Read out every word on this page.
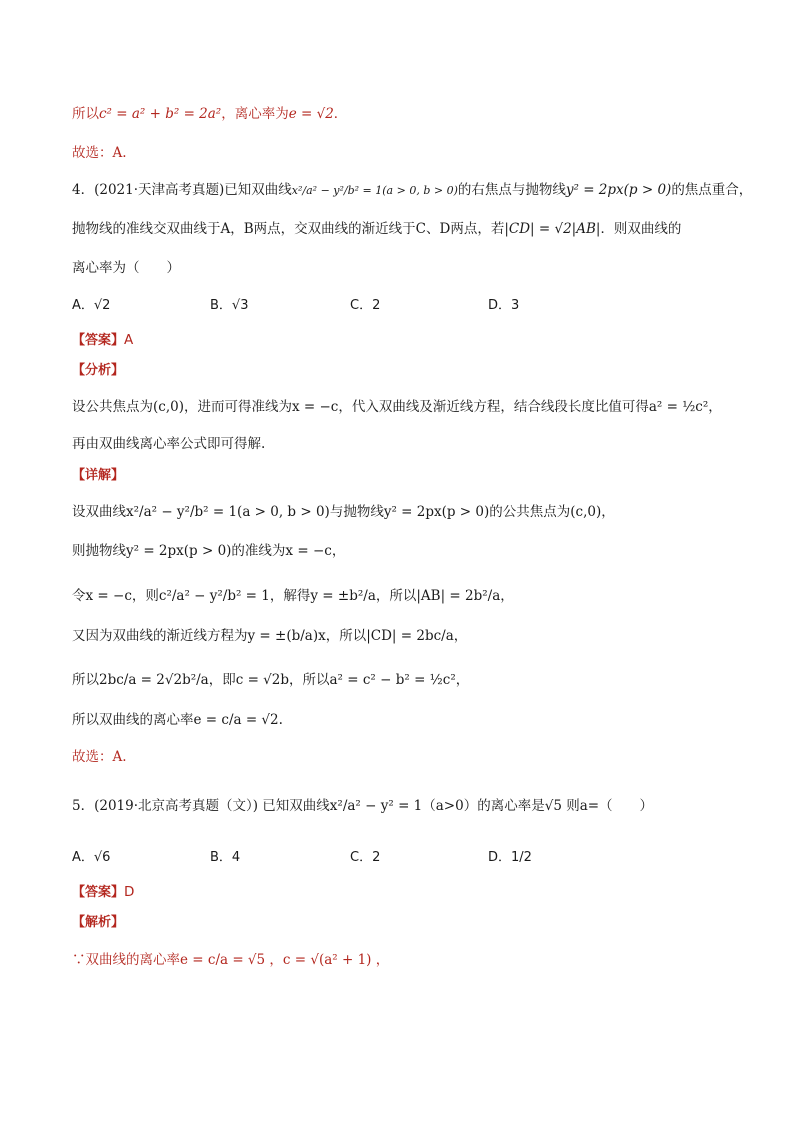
所以c² = a² + b² = 2a²，离心率为e = √2．
故选：A.
4．(2021·天津高考真题)已知双曲线x²/a² − y²/b² = 1(a > 0, b > 0)的右焦点与抛物线y² = 2px(p > 0)的焦点重合，
抛物线的准线交双曲线于A，B两点，交双曲线的渐近线于C、D两点，若|CD| = √2|AB|．则双曲线的
离心率为（　　）
A．√2	B．√3	C．2	D．3
【答案】A
【分析】
设公共焦点为(c,0)，进而可得准线为x = −c，代入双曲线及渐近线方程，结合线段长度比值可得a² = ½c²，
再由双曲线离心率公式即可得解.
【详解】
设双曲线x²/a² − y²/b² = 1(a > 0, b > 0)与抛物线y² = 2px(p > 0)的公共焦点为(c,0)，
则抛物线y² = 2px(p > 0)的准线为x = −c，
令x = −c，则c²/a² − y²/b² = 1，解得y = ±b²/a，所以|AB| = 2b²/a，
又因为双曲线的渐近线方程为y = ±(b/a)x，所以|CD| = 2bc/a，
所以2bc/a = 2√2b²/a，即c = √2b，所以a² = c² − b² = ½c²，
所以双曲线的离心率e = c/a = √2.
故选：A.
5．(2019·北京高考真题（文）) 已知双曲线x²/a² − y² = 1（a>0）的离心率是√5 则a=（　　）
A．√6	B．4	C．2	D．1/2
【答案】D
【解析】
∵双曲线的离心率e = c/a = √5 ，c = √(a² + 1) ，
